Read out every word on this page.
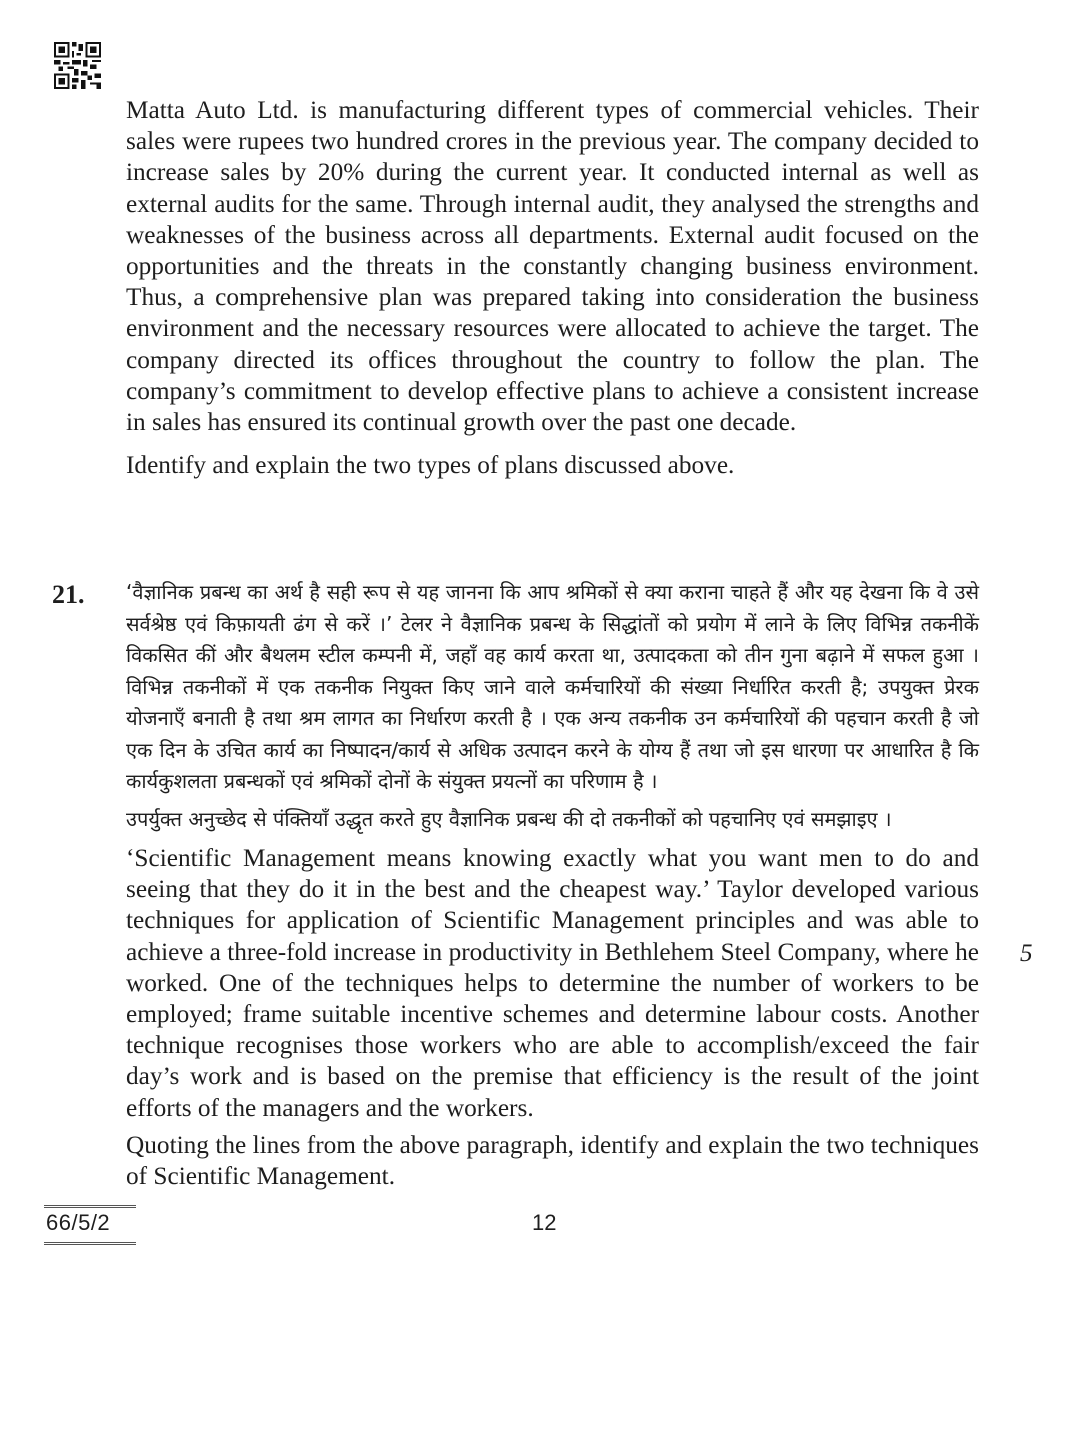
Matta Auto Ltd. is manufacturing different types of commercial vehicles. Their sales were rupees two hundred crores in the previous year. The company decided to increase sales by 20% during the current year. It conducted internal as well as external audits for the same. Through internal audit, they analysed the strengths and weaknesses of the business across all departments. External audit focused on the opportunities and the threats in the constantly changing business environment. Thus, a comprehensive plan was prepared taking into consideration the business environment and the necessary resources were allocated to achieve the target. The company directed its offices throughout the country to follow the plan. The company’s commitment to develop effective plans to achieve a consistent increase in sales has ensured its continual growth over the past one decade.

Identify and explain the two types of plans discussed above.

21. ‘वैज्ञानिक प्रबन्ध का अर्थ है सही रूप से यह जानना कि आप श्रमिकों से क्या कराना चाहते हैं और यह देखना कि वे उसे सर्वश्रेष्ठ एवं किफ़ायती ढंग से करें ।’ टेलर ने वैज्ञानिक प्रबन्ध के सिद्धांतों को प्रयोग में लाने के लिए विभिन्न तकनीकें विकसित कीं और बैथलम स्टील कम्पनी में, जहाँ वह कार्य करता था, उत्पादकता को तीन गुना बढ़ाने में सफल हुआ । विभिन्न तकनीकों में एक तकनीक नियुक्त किए जाने वाले कर्मचारियों की संख्या निर्धारित करती है; उपयुक्त प्रेरक योजनाएँ बनाती है तथा श्रम लागत का निर्धारण करती है । एक अन्य तकनीक उन कर्मचारियों की पहचान करती है जो एक दिन के उचित कार्य का निष्पादन/कार्य से अधिक उत्पादन करने के योग्य हैं तथा जो इस धारणा पर आधारित है कि कार्यकुशलता प्रबन्धकों एवं श्रमिकों दोनों के संयुक्त प्रयत्नों का परिणाम है ।

उपर्युक्त अनुच्छेद से पंक्तियाँ उद्धृत करते हुए वैज्ञानिक प्रबन्ध की दो तकनीकों को पहचानिए एवं समझाइए ।

‘Scientific Management means knowing exactly what you want men to do and seeing that they do it in the best and the cheapest way.’ Taylor developed various techniques for application of Scientific Management principles and was able to achieve a three-fold increase in productivity in Bethlehem Steel Company, where he worked. One of the techniques helps to determine the number of workers to be employed; frame suitable incentive schemes and determine labour costs. Another technique recognises those workers who are able to accomplish/exceed the fair day’s work and is based on the premise that efficiency is the result of the joint efforts of the managers and the workers.

Quoting the lines from the above paragraph, identify and explain the two techniques of Scientific Management.

5
66/5/2	12
